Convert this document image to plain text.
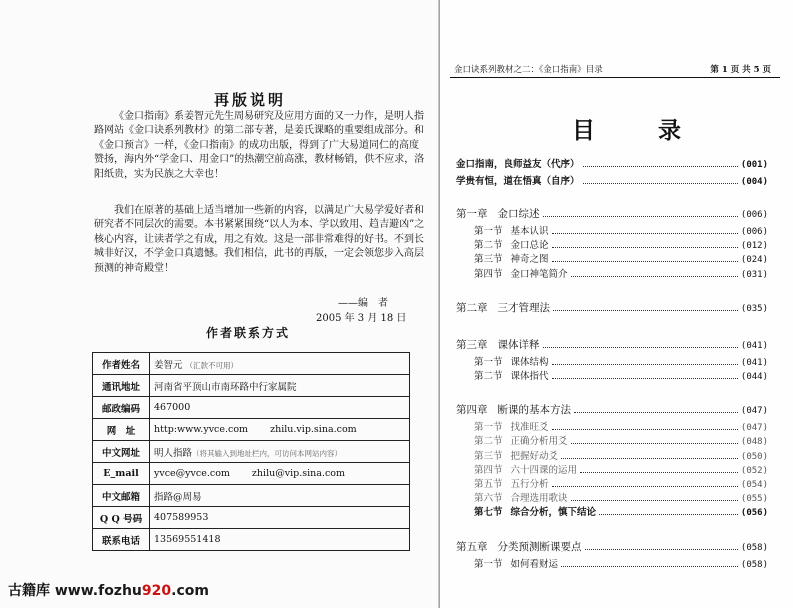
再版说明

《金口指南》系姜智元先生周易研究及应用方面的又一力作，是明人指路网站《金口诀系列教材》的第二部专著，是姜氏课略的重要组成部分。和《金口预言》一样，《金口指南》的成功出版，得到了广大易道同仁的高度赞扬，海内外“学金口、用金口”的热潮空前高涨，教材畅销，供不应求，洛阳纸贵，实为民族之大幸也！

我们在原著的基础上适当增加一些新的内容，以满足广大易学爱好者和研究者不同层次的需要。本书紧紧围绕“以人为本、学以致用、趋吉避凶”之核心内容，让读者学之有成，用之有效。这是一部非常难得的好书。不到长城非好汉，不学金口真遗憾。我们相信，此书的再版，一定会领您步入高层预测的神奇殿堂！

——编　者
2005 年 3 月 18 日
作者联系方式
作者姓名	姜智元 （汇款不可用）
通讯地址	河南省平顶山市南环路中行家属院
邮政编码	467000
网　址	http:www.yvce.com zhilu.vip.sina.com
中文网址	明人指路（将其输入到地址栏内，可访问本网站内容）
E_mail	yvce@yvce.com zhilu@vip.sina.com
中文邮箱	指路@周易
Q Q 号码	407589953
联系电话	13569551418
古籍库 www.fozhu920.com
金口诀系列教材之二：《金口指南》目录	第 1 页 共 5 页
目　录
金口指南，良师益友（代序）	(001)
学贵有恒，道在悟真（自序）	(004)
第一章 金口综述	(006)
第一节 基本认识	(006)
第二节 金口总论	(012)
第三节 神奇之图	(024)
第四节 金口神笔简介	(031)
第二章 三才管理法	(035)
第三章 课体详释	(041)
第一节 课体结构	(041)
第二节 课体指代	(044)
第四章 断课的基本方法	(047)
第一节 找准旺爻	(047)
第二节 正确分析用爻	(048)
第三节 把握好动爻	(050)
第四节 六十四课的运用	(052)
第五节 五行分析	(054)
第六节 合理选用歌诀	(055)
第七节 综合分析，慎下结论	(056)
第五章 分类预测断课要点	(058)
第一节 如何看财运	(058)
